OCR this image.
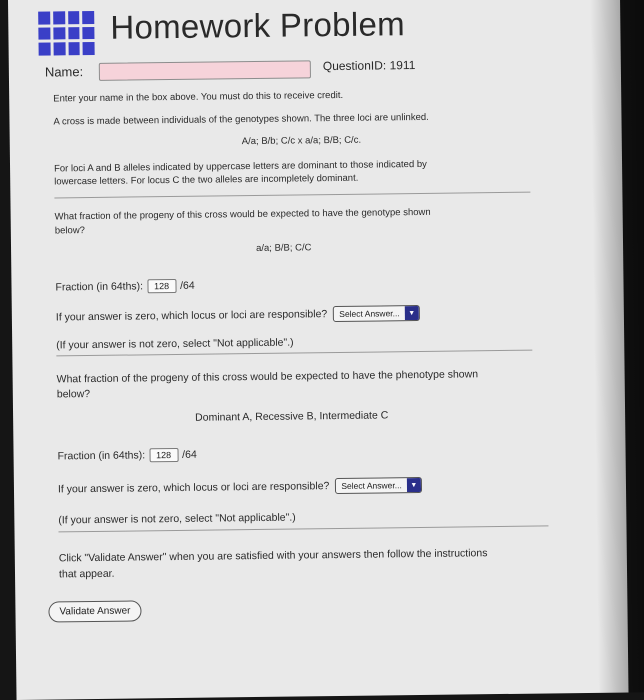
Homework Problem
Name:	QuestionID: 1911
Enter your name in the box above. You must do this to receive credit.
A cross is made between individuals of the genotypes shown. The three loci are unlinked.
A/a; B/b; C/c x a/a; B/B; C/c.
For loci A and B alleles indicated by uppercase letters are dominant to those indicated by
lowercase letters. For locus C the two alleles are incompletely dominant.
What fraction of the progeny of this cross would be expected to have the genotype shown
below?
a/a; B/B; C/C
Fraction (in 64ths):	128	/64
If your answer is zero, which locus or loci are responsible?	Select Answer...	▼
(If your answer is not zero, select "Not applicable".)
What fraction of the progeny of this cross would be expected to have the phenotype shown
below?
Dominant A, Recessive B, Intermediate C
Fraction (in 64ths):	128	/64
If your answer is zero, which locus or loci are responsible?	Select Answer...	▼
(If your answer is not zero, select "Not applicable".)
Click "Validate Answer" when you are satisfied with your answers then follow the instructions
that appear.
Validate Answer
